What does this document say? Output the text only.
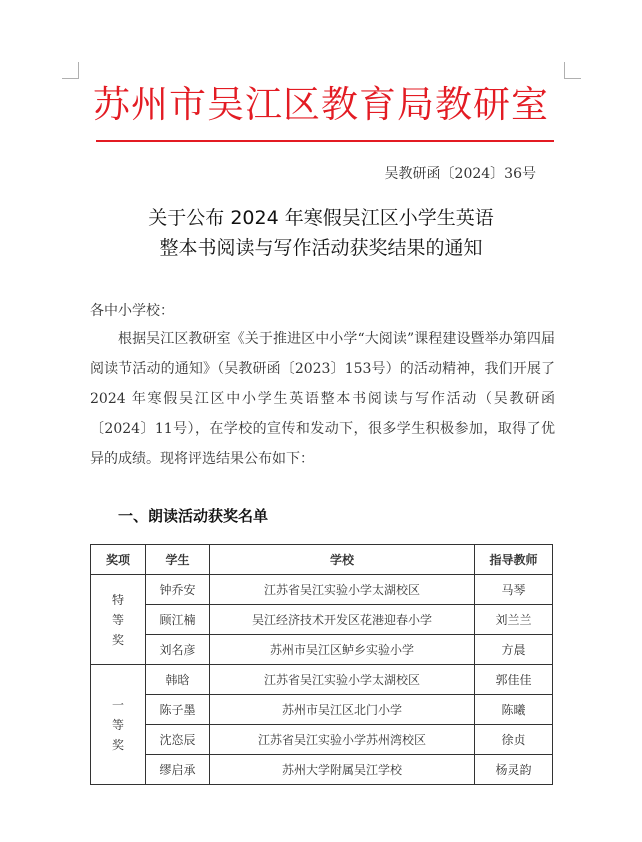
苏州市吴江区教育局教研室
吴教研函〔2024〕36号
关于公布 2024 年寒假吴江区小学生英语
整本书阅读与写作活动获奖结果的通知
各中小学校：

根据吴江区教研室《关于推进区中小学“大阅读”课程建设暨举办第四届阅读节活动的通知》（吴教研函〔2023〕153号）的活动精神，我们开展了 2024 年寒假吴江区中小学生英语整本书阅读与写作活动（吴教研函〔2024〕11号），在学校的宣传和发动下，很多学生积极参加，取得了优异的成绩。现将评选结果公布如下：

一、朗读活动获奖名单
奖项	学生	学校	指导教师

特
等
奖	钟乔安	江苏省吴江实验小学太湖校区	马琴
	顾江楠	吴江经济技术开发区花港迎春小学	刘兰兰
	刘名彦	苏州市吴江区鲈乡实验小学	方晨

一
等
奖	韩晗	江苏省吴江实验小学太湖校区	郭佳佳
	陈子墨	苏州市吴江区北门小学	陈曦
	沈恣辰	江苏省吴江实验小学苏州湾校区	徐贞
	缪启承	苏州大学附属吴江学校	杨灵韵
